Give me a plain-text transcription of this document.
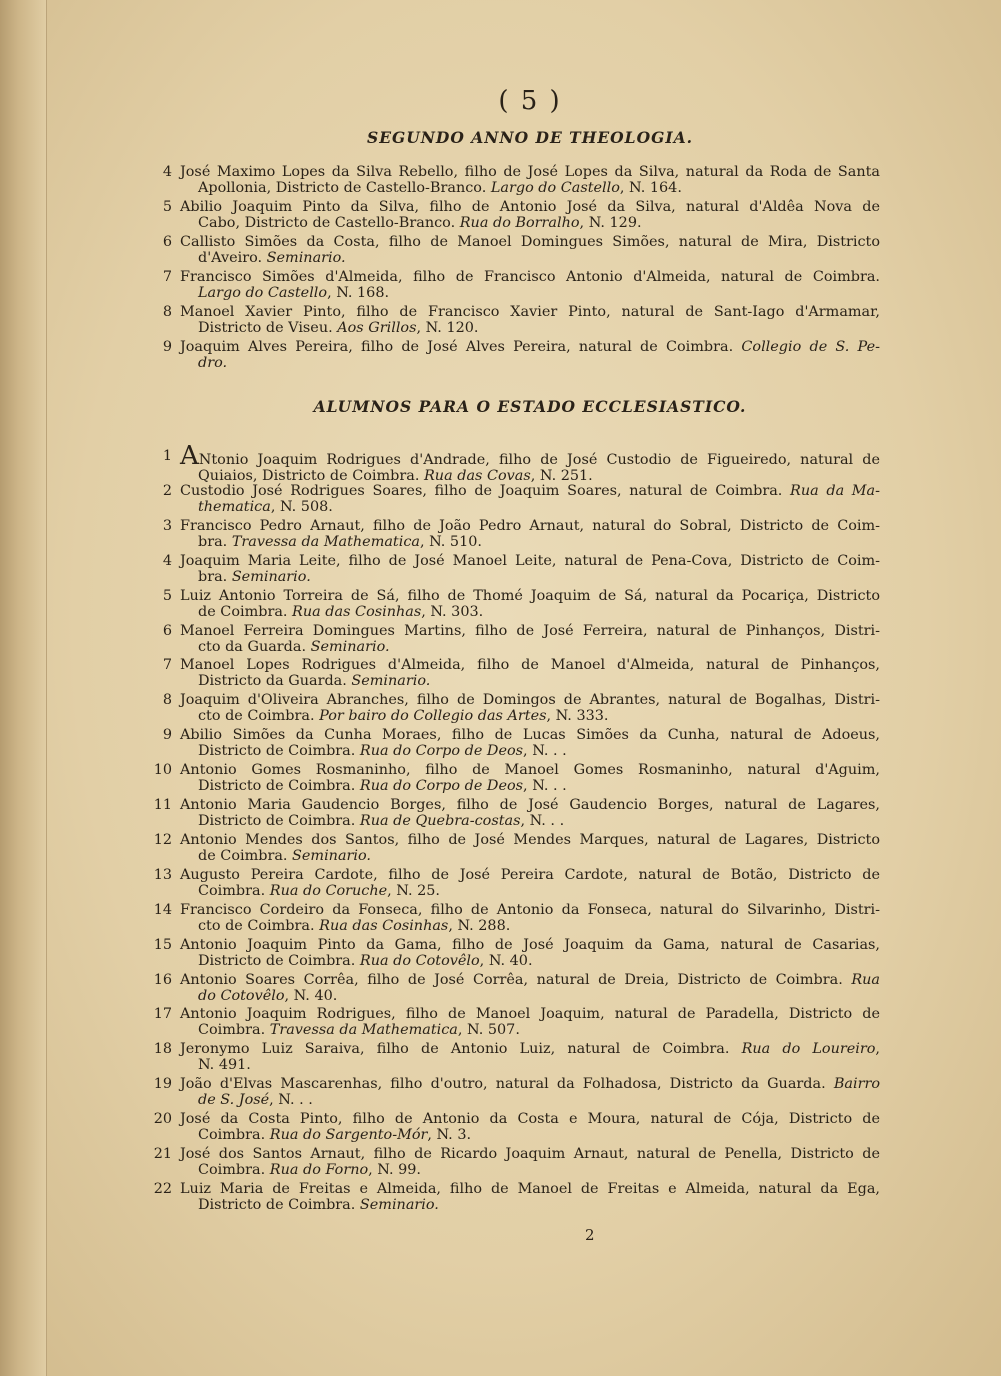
( 5 )
SEGUNDO ANNO DE THEOLOGIA.
4 José Maximo Lopes da Silva Rebello, filho de José Lopes da Silva, natural da Roda de Santa
Apollonia, Districto de Castello-Branco. Largo do Castello, N. 164.
5 Abilio Joaquim Pinto da Silva, filho de Antonio José da Silva, natural d'Aldêa Nova de
Cabo, Districto de Castello-Branco. Rua do Borralho, N. 129.
6 Callisto Simões da Costa, filho de Manoel Domingues Simões, natural de Mira, Districto
d'Aveiro. Seminario.
7 Francisco Simões d'Almeida, filho de Francisco Antonio d'Almeida, natural de Coimbra.
Largo do Castello, N. 168.
8 Manoel Xavier Pinto, filho de Francisco Xavier Pinto, natural de Sant-Iago d'Armamar,
Districto de Viseu. Aos Grillos, N. 120.
9 Joaquim Alves Pereira, filho de José Alves Pereira, natural de Coimbra. Collegio de S. Pe-
dro.
ALUMNOS PARA O ESTADO ECCLESIASTICO.
1 ANtonio Joaquim Rodrigues d'Andrade, filho de José Custodio de Figueiredo, natural de
Quiaios, Districto de Coimbra. Rua das Covas, N. 251.
2 Custodio José Rodrigues Soares, filho de Joaquim Soares, natural de Coimbra. Rua da Ma-
thematica, N. 508.
3 Francisco Pedro Arnaut, filho de João Pedro Arnaut, natural do Sobral, Districto de Coim-
bra. Travessa da Mathematica, N. 510.
4 Joaquim Maria Leite, filho de José Manoel Leite, natural de Pena-Cova, Districto de Coim-
bra. Seminario.
5 Luiz Antonio Torreira de Sá, filho de Thomé Joaquim de Sá, natural da Pocariça, Districto
de Coimbra. Rua das Cosinhas, N. 303.
6 Manoel Ferreira Domingues Martins, filho de José Ferreira, natural de Pinhanços, Distri-
cto da Guarda. Seminario.
7 Manoel Lopes Rodrigues d'Almeida, filho de Manoel d'Almeida, natural de Pinhanços,
Districto da Guarda. Seminario.
8 Joaquim d'Oliveira Abranches, filho de Domingos de Abrantes, natural de Bogalhas, Distri-
cto de Coimbra. Por bairo do Collegio das Artes, N. 333.
9 Abilio Simões da Cunha Moraes, filho de Lucas Simões da Cunha, natural de Adoeus,
Districto de Coimbra. Rua do Corpo de Deos, N. . .
10 Antonio Gomes Rosmaninho, filho de Manoel Gomes Rosmaninho, natural d'Aguim,
Districto de Coimbra. Rua do Corpo de Deos, N. . .
11 Antonio Maria Gaudencio Borges, filho de José Gaudencio Borges, natural de Lagares,
Districto de Coimbra. Rua de Quebra-costas, N. . .
12 Antonio Mendes dos Santos, filho de José Mendes Marques, natural de Lagares, Districto
de Coimbra. Seminario.
13 Augusto Pereira Cardote, filho de José Pereira Cardote, natural de Botão, Districto de
Coimbra. Rua do Coruche, N. 25.
14 Francisco Cordeiro da Fonseca, filho de Antonio da Fonseca, natural do Silvarinho, Distri-
cto de Coimbra. Rua das Cosinhas, N. 288.
15 Antonio Joaquim Pinto da Gama, filho de José Joaquim da Gama, natural de Casarias,
Districto de Coimbra. Rua do Cotovêlo, N. 40.
16 Antonio Soares Corrêa, filho de José Corrêa, natural de Dreia, Districto de Coimbra. Rua
do Cotovêlo, N. 40.
17 Antonio Joaquim Rodrigues, filho de Manoel Joaquim, natural de Paradella, Districto de
Coimbra. Travessa da Mathematica, N. 507.
18 Jeronymo Luiz Saraiva, filho de Antonio Luiz, natural de Coimbra. Rua do Loureiro,
N. 491.
19 João d'Elvas Mascarenhas, filho d'outro, natural da Folhadosa, Districto da Guarda. Bairro
de S. José, N. . .
20 José da Costa Pinto, filho de Antonio da Costa e Moura, natural de Cója, Districto de
Coimbra. Rua do Sargento-Mór, N. 3.
21 José dos Santos Arnaut, filho de Ricardo Joaquim Arnaut, natural de Penella, Districto de
Coimbra. Rua do Forno, N. 99.
22 Luiz Maria de Freitas e Almeida, filho de Manoel de Freitas e Almeida, natural da Ega,
Districto de Coimbra. Seminario.
2
